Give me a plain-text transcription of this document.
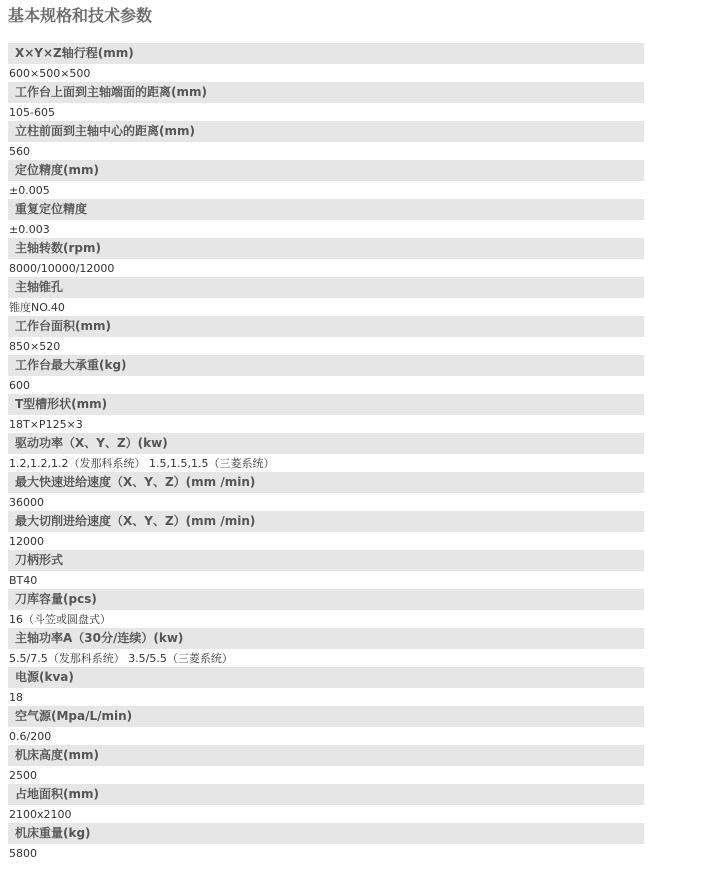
基本规格和技术参数
X×Y×Z轴行程(mm)
600×500×500
工作台上面到主轴端面的距离(mm)
105-605
立柱前面到主轴中心的距离(mm)
560
定位精度(mm)
±0.005
重复定位精度
±0.003
主轴转数(rpm)
8000/10000/12000
主轴锥孔
锥度NO.40
工作台面积(mm)
850×520
工作台最大承重(kg)
600
T型槽形状(mm)
18T×P125×3
驱动功率（X、Y、Z）(kw)
1.2,1.2,1.2（发那科系统） 1.5,1.5,1.5（三菱系统）
最大快速进给速度（X、Y、Z）(mm /min)
36000
最大切削进给速度（X、Y、Z）(mm /min)
12000
刀柄形式
BT40
刀库容量(pcs)
16（斗笠或圆盘式）
主轴功率A（30分/连续）(kw)
5.5/7.5（发那科系统） 3.5/5.5（三菱系统）
电源(kva)
18
空气源(Mpa/L/min)
0.6/200
机床高度(mm)
2500
占地面积(mm)
2100x2100
机床重量(kg)
5800
